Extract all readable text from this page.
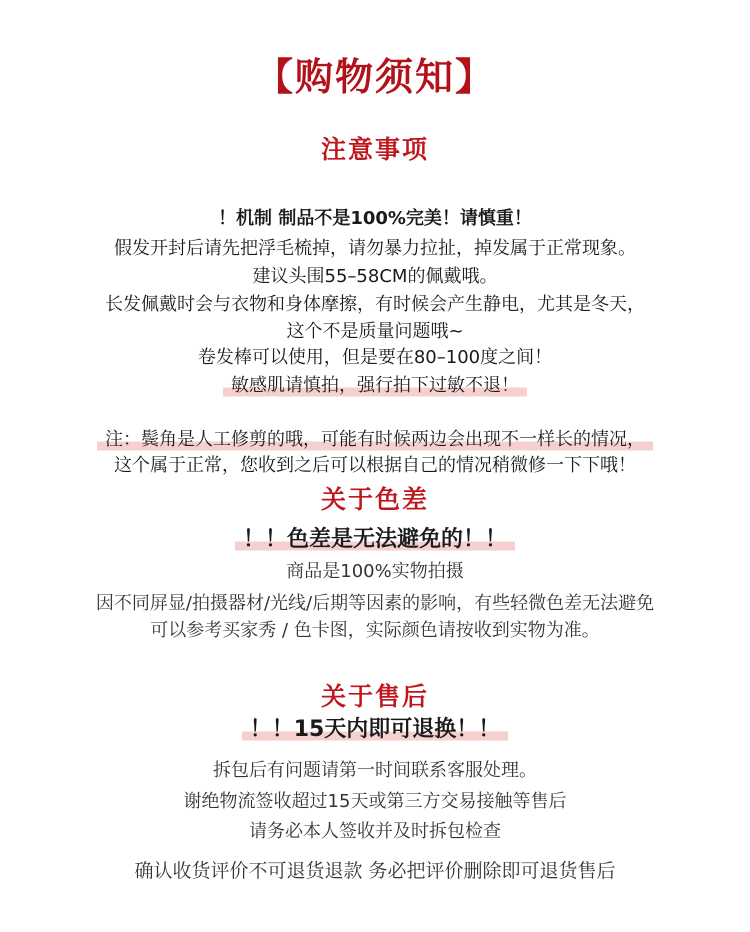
【购物须知】
注意事项
！机制 制品不是100%完美！请慎重！
假发开封后请先把浮毛梳掉，请勿暴力拉扯，掉发属于正常现象。
建议头围55–58CM的佩戴哦。
长发佩戴时会与衣物和身体摩擦，有时候会产生静电，尤其是冬天，
这个不是质量问题哦~
卷发棒可以使用，但是要在80–100度之间！
敏感肌请慎拍，强行拍下过敏不退！
注：鬓角是人工修剪的哦，可能有时候两边会出现不一样长的情况，
这个属于正常，您收到之后可以根据自己的情况稍微修一下下哦！
关于色差
！！色差是无法避免的！！
商品是100%实物拍摄
因不同屏显/拍摄器材/光线/后期等因素的影响，有些轻微色差无法避免
可以参考买家秀 / 色卡图，实际颜色请按收到实物为准。
关于售后
！！15天内即可退换！！
拆包后有问题请第一时间联系客服处理。
谢绝物流签收超过15天或第三方交易接触等售后
请务必本人签收并及时拆包检查
确认收货评价不可退货退款 务必把评价删除即可退货售后
